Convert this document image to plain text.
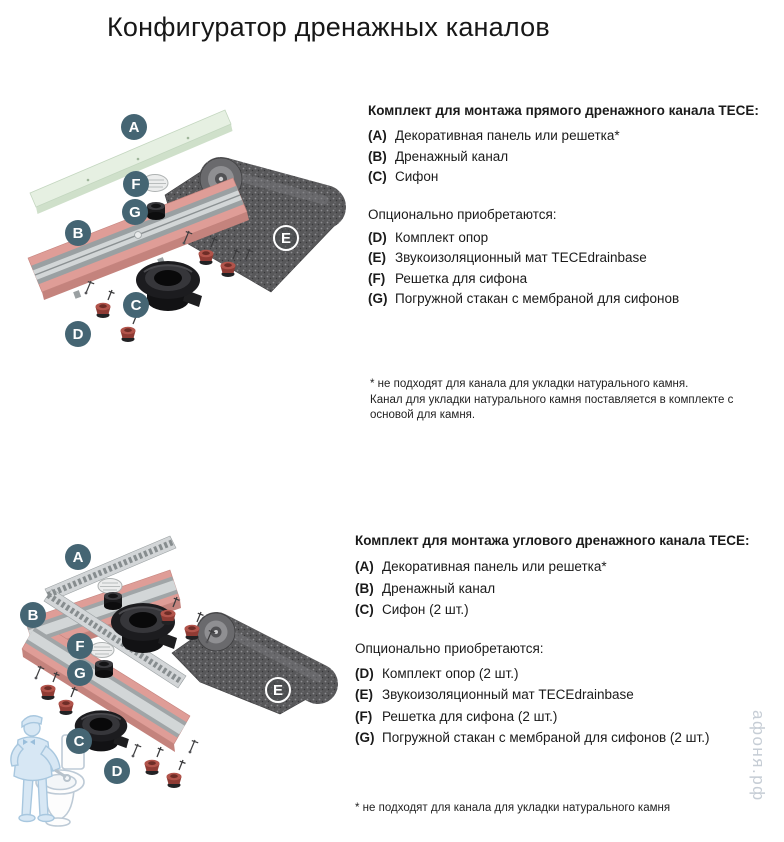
Конфигуратор дренажных каналов
A
F
G
B	E
C
D
Комплект для монтажа прямого дренажного канала TECE:
(A) Декоративная панель или решетка*
(B) Дренажный канал
(C) Сифон
Опционально приобретаются:
(D) Комплект опор
(E) Звукоизоляционный мат TECEdrainbase
(F) Решетка для сифона
(G) Погружной стакан с мембраной для сифонов
* не подходят для канала для укладки натурального камня.
Канал для укладки натурального камня поставляется в комплекте с
основой для камня.
A
B
F
G
E
C
D
Комплект для монтажа углового дренажного канала TECE:
(A) Декоративная панель или решетка*
(B) Дренажный канал
(C) Сифон (2 шт.)
Опционально приобретаются:
(D) Комплект опор (2 шт.)
(E) Звукоизоляционный мат TECEdrainbase
(F) Решетка для сифона (2 шт.)
(G) Погружной стакан с мембраной для сифонов (2 шт.)
* не подходят для канала для укладки натурального камня
афоня.рф
